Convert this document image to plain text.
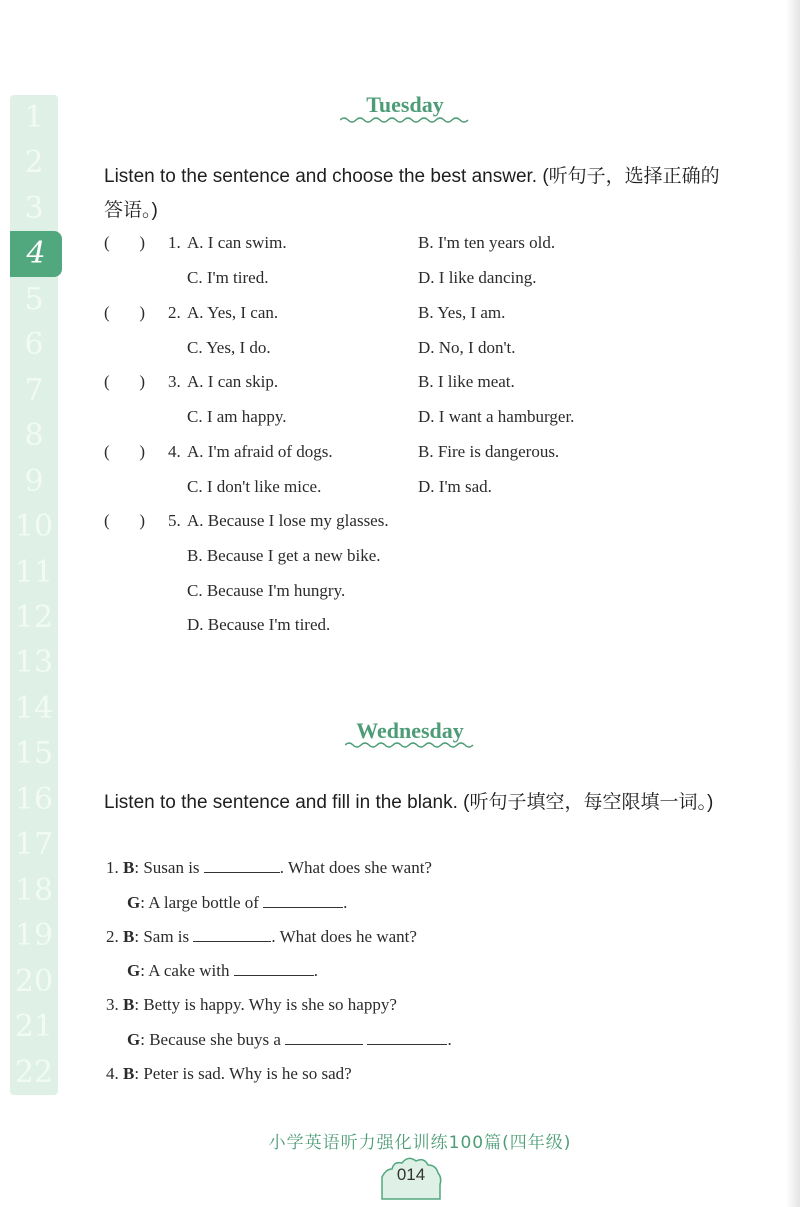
1
2
3
4
5
6
7
8
9
10
11
12
13
14
15
16
17
18
19
20
21
22
Tuesday
Listen to the sentence and choose the best answer. (听句子，选择正确的答语。)
(       ) 1. A. I can swim.	B. I'm ten years old.
C. I'm tired.	D. I like dancing.
(       ) 2. A. Yes, I can.	B. Yes, I am.
C. Yes, I do.	D. No, I don't.
(       ) 3. A. I can skip.	B. I like meat.
C. I am happy.	D. I want a hamburger.
(       ) 4. A. I'm afraid of dogs.	B. Fire is dangerous.
C. I don't like mice.	D. I'm sad.
(       ) 5. A. Because I lose my glasses.
B. Because I get a new bike.
C. Because I'm hungry.
D. Because I'm tired.
Wednesday
Listen to the sentence and fill in the blank. (听句子填空，每空限填一词。)
1. B: Susan is	. What does she want?
G: A large bottle of	.
2. B: Sam is	. What does he want?
G: A cake with	.
3. B: Betty is happy. Why is she so happy?
G: Because she buys a	.
4. B: Peter is sad. Why is he so sad?
小学英语听力强化训练100篇(四年级)
014
